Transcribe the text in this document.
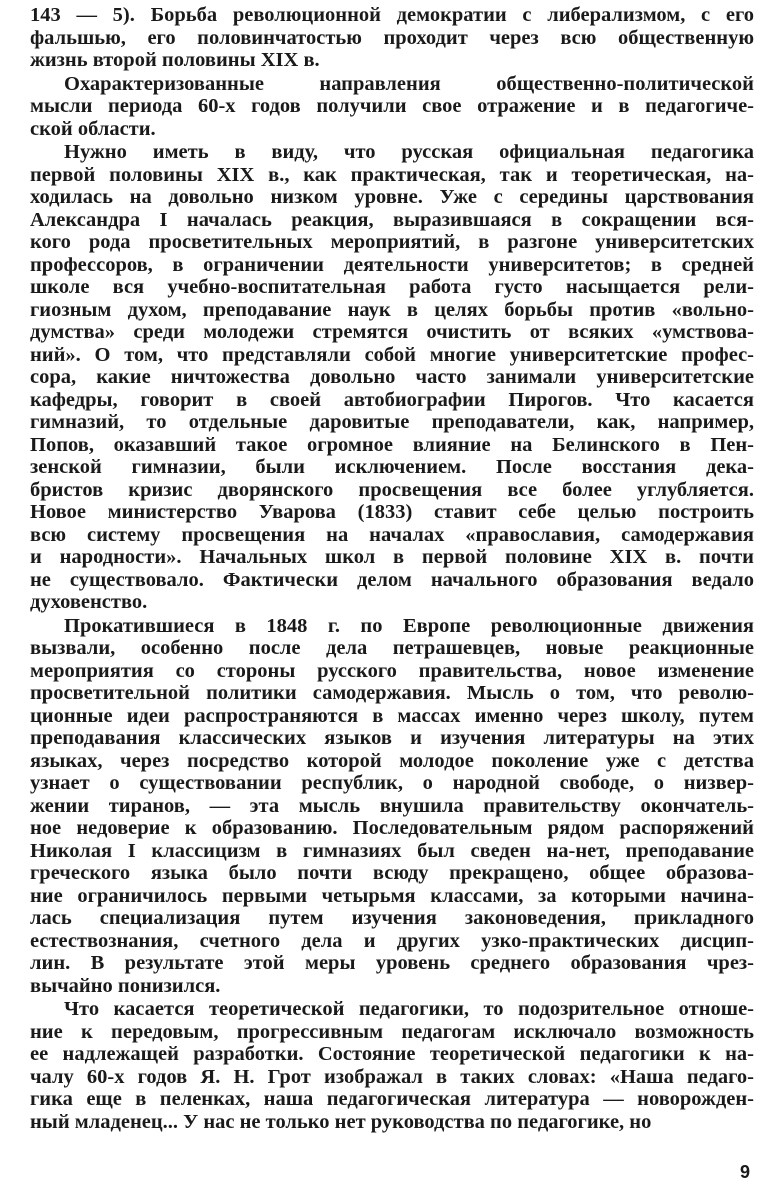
143 — 5). Борьба революционной демократии с либерализмом, с его
фальшью, его половинчатостью проходит через всю общественную
жизнь второй половины XIX в.
Охарактеризованные направления общественно-политической
мысли периода 60-х годов получили свое отражение и в педагогиче-
ской области.
Нужно иметь в виду, что русская официальная педагогика
первой половины XIX в., как практическая, так и теоретическая, на-
ходилась на довольно низком уровне. Уже с середины царствования
Александра I началась реакция, выразившаяся в сокращении вся-
кого рода просветительных мероприятий, в разгоне университетских
профессоров, в ограничении деятельности университетов; в средней
школе вся учебно-воспитательная работа густо насыщается рели-
гиозным духом, преподавание наук в целях борьбы против «вольно-
думства» среди молодежи стремятся очистить от всяких «умствова-
ний». О том, что представляли собой многие университетские профес-
сора, какие ничтожества довольно часто занимали университетские
кафедры, говорит в своей автобиографии Пирогов. Что касается
гимназий, то отдельные даровитые преподаватели, как, например,
Попов, оказавший такое огромное влияние на Белинского в Пен-
зенской гимназии, были исключением. После восстания дека-
бристов кризис дворянского просвещения все более углубляется.
Новое министерство Уварова (1833) ставит себе целью построить
всю систему просвещения на началах «православия, самодержавия
и народности». Начальных школ в первой половине XIX в. почти
не существовало. Фактически делом начального образования ведало
духовенство.
Прокатившиеся в 1848 г. по Европе революционные движения
вызвали, особенно после дела петрашевцев, новые реакционные
мероприятия со стороны русского правительства, новое изменение
просветительной политики самодержавия. Мысль о том, что револю-
ционные идеи распространяются в массах именно через школу, путем
преподавания классических языков и изучения литературы на этих
языках, через посредство которой молодое поколение уже с детства
узнает о существовании республик, о народной свободе, о низвер-
жении тиранов, — эта мысль внушила правительству окончатель-
ное недоверие к образованию. Последовательным рядом распоряжений
Николая I классицизм в гимназиях был сведен на-нет, преподавание
греческого языка было почти всюду прекращено, общее образова-
ние ограничилось первыми четырьмя классами, за которыми начина-
лась специализация путем изучения законоведения, прикладного
естествознания, счетного дела и других узко-практических дисцип-
лин. В результате этой меры уровень среднего образования чрез-
вычайно понизился.
Что касается теоретической педагогики, то подозрительное отноше-
ние к передовым, прогрессивным педагогам исключало возможность
ее надлежащей разработки. Состояние теоретической педагогики к на-
чалу 60-х годов Я. Н. Грот изображал в таких словах: «Наша педаго-
гика еще в пеленках, наша педагогическая литература — новорожден-
ный младенец... У нас не только нет руководства по педагогике, но
9
